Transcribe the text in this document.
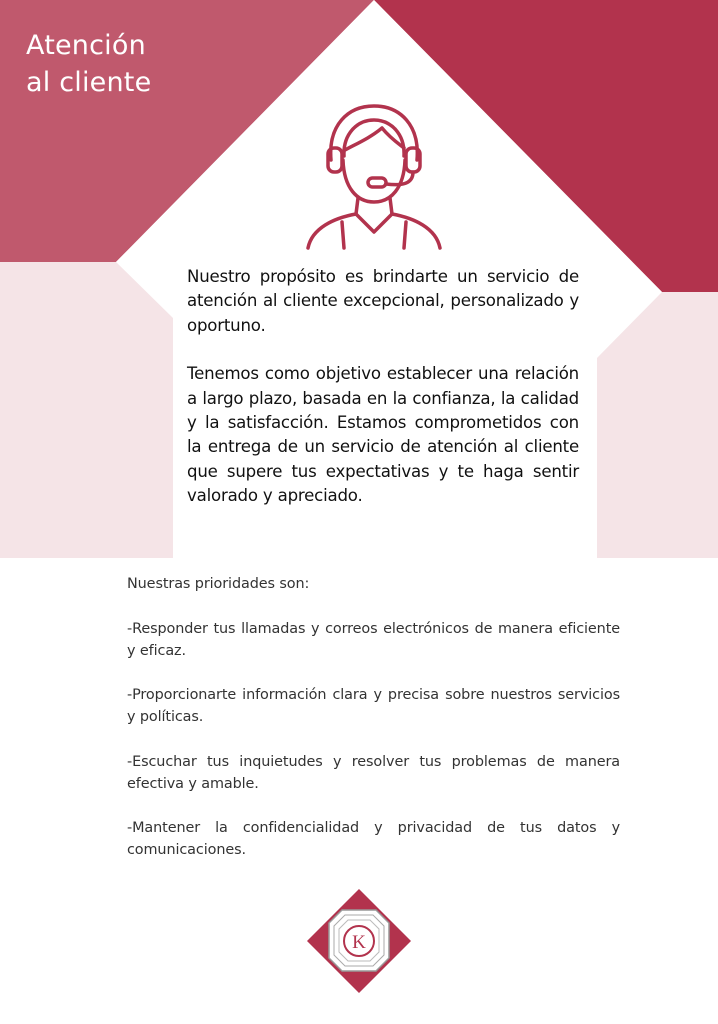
Atención
al cliente

Nuestro propósito es brindarte un servicio de atención al cliente excepcional, personalizado y oportuno.

Tenemos como objetivo establecer una relación a largo plazo, basada en la confianza, la calidad y la satisfacción. Estamos comprometidos con la entrega de un servicio de atención al cliente que supere tus expectativas y te haga sentir valorado y apreciado.

Nuestras prioridades son:

-Responder tus llamadas y correos electrónicos de manera eficiente y eficaz.

-Proporcionarte información clara y precisa sobre nuestros servicios y políticas.

-Escuchar tus inquietudes y resolver tus problemas de manera efectiva y amable.

-Mantener la confidencialidad y privacidad de tus datos y comunicaciones.

K
